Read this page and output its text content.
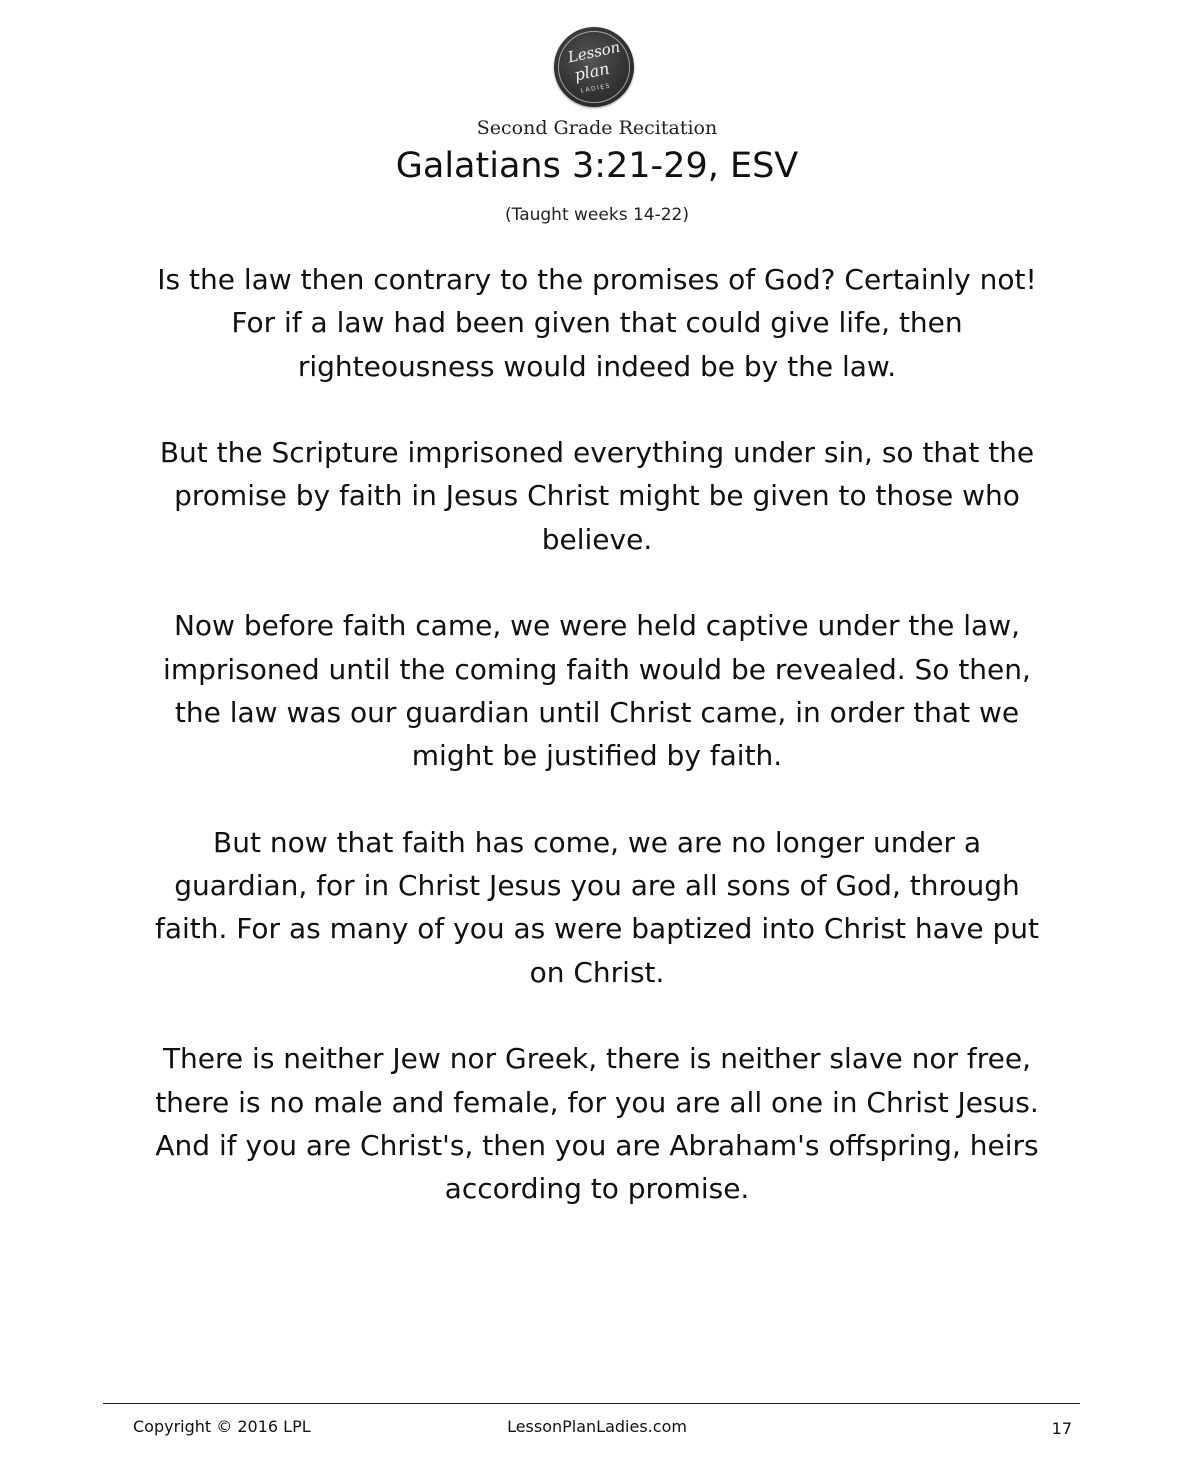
Lesson
plan
LADIES
Second Grade Recitation
Galatians 3:21-29, ESV
(Taught weeks 14-22)

Is the law then contrary to the promises of God? Certainly not!
For if a law had been given that could give life, then
righteousness would indeed be by the law.

But the Scripture imprisoned everything under sin, so that the
promise by faith in Jesus Christ might be given to those who
believe.

Now before faith came, we were held captive under the law,
imprisoned until the coming faith would be revealed. So then,
the law was our guardian until Christ came, in order that we
might be justified by faith.

But now that faith has come, we are no longer under a
guardian, for in Christ Jesus you are all sons of God, through
faith. For as many of you as were baptized into Christ have put
on Christ.

There is neither Jew nor Greek, there is neither slave nor free,
there is no male and female, for you are all one in Christ Jesus.
And if you are Christ's, then you are Abraham's offspring, heirs
according to promise.

Copyright © 2016 LPL	LessonPlanLadies.com	17
